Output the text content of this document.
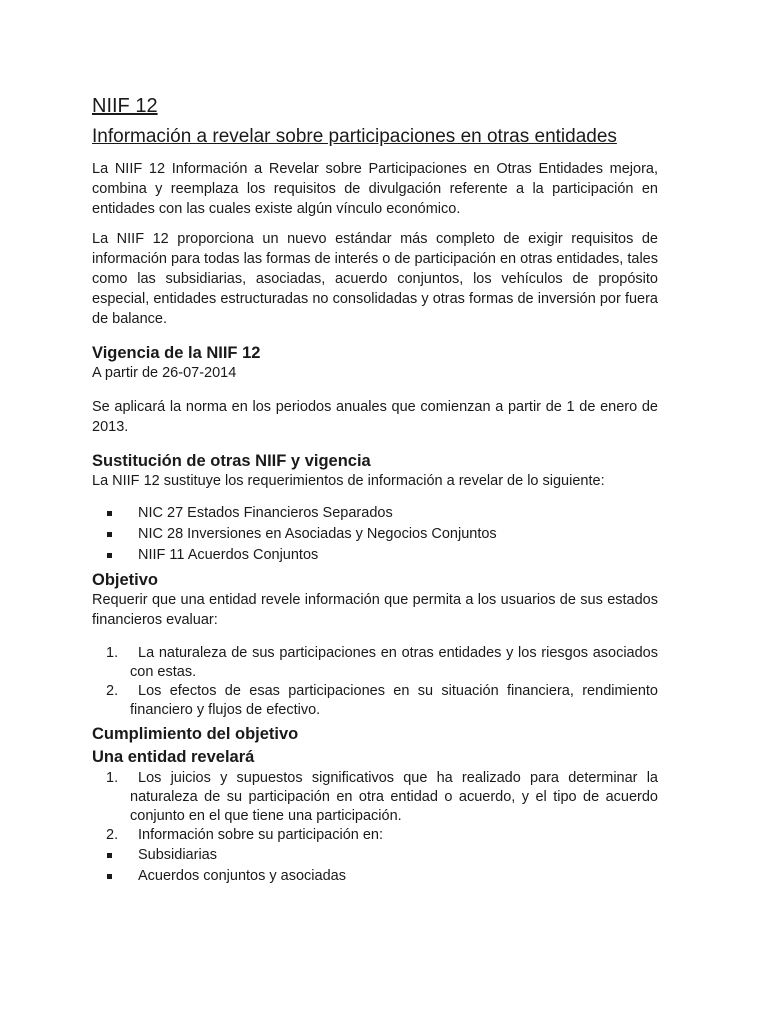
NIIF 12
Información a revelar sobre participaciones en otras entidades

La NIIF 12 Información a Revelar sobre Participaciones en Otras Entidades mejora, combina y reemplaza los requisitos de divulgación referente a la participación en entidades con las cuales existe algún vínculo económico.

La NIIF 12 proporciona un nuevo estándar más completo de exigir requisitos de información para todas las formas de interés o de participación en otras entidades, tales como las subsidiarias, asociadas, acuerdo conjuntos, los vehículos de propósito especial, entidades estructuradas no consolidadas y otras formas de inversión por fuera de balance.

Vigencia de la NIIF 12

A partir de 26-07-2014

Se aplicará la norma en los periodos anuales que comienzan a partir de 1 de enero de 2013.

Sustitución de otras NIIF y vigencia

La NIIF 12 sustituye los requerimientos de información a revelar de lo siguiente:

NIC 27 Estados Financieros Separados
NIC 28 Inversiones en Asociadas y Negocios Conjuntos
NIIF 11 Acuerdos Conjuntos
Objetivo

Requerir que una entidad revele información que permita a los usuarios de sus estados financieros evaluar:

1.	La naturaleza de sus participaciones en otras entidades y los riesgos asociados con estas.
2.	Los efectos de esas participaciones en su situación financiera, rendimiento financiero y flujos de efectivo.
Cumplimiento del objetivo
Una entidad revelará
1.	Los juicios y supuestos significativos que ha realizado para determinar la naturaleza de su participación en otra entidad o acuerdo, y el tipo de acuerdo conjunto en el que tiene una participación.
2.	Información sobre su participación en:
Subsidiarias
Acuerdos conjuntos y asociadas
